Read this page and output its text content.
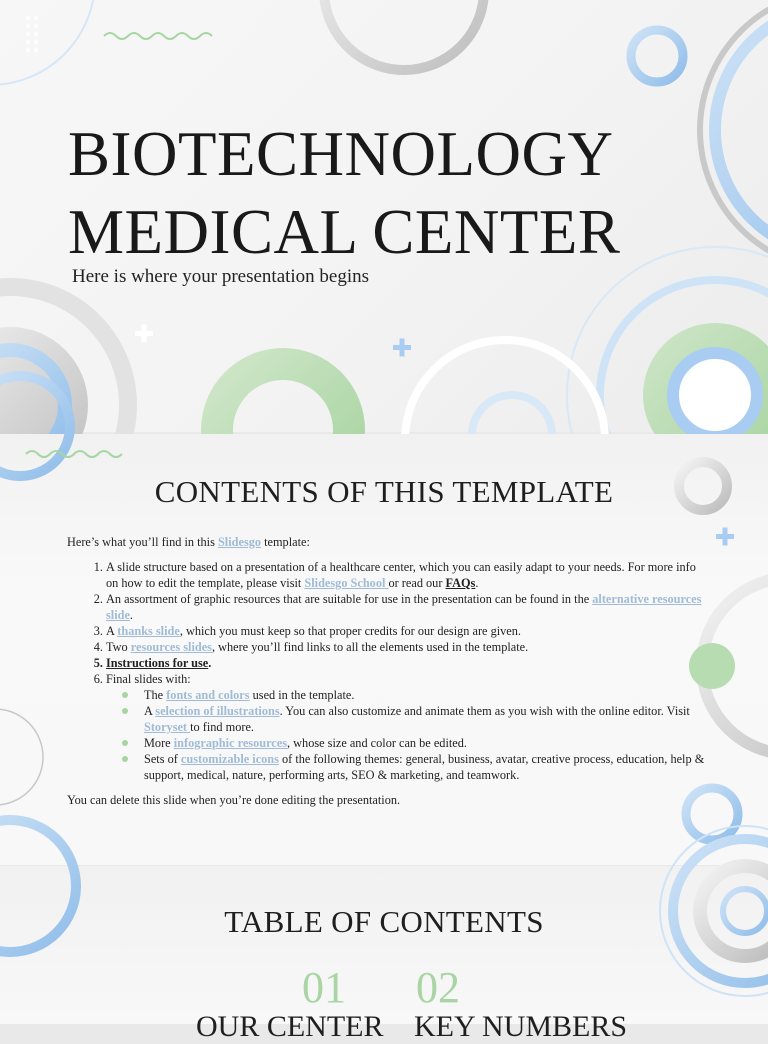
BIOTECHNOLOGY MEDICAL CENTER
Here is where your presentation begins
CONTENTS OF THIS TEMPLATE

Here’s what you’ll find in this Slidesgo template:

1. A slide structure based on a presentation of a healthcare center, which you can easily adapt to your needs. For more info on how to edit the template, please visit Slidesgo School or read our FAQs.
2. An assortment of graphic resources that are suitable for use in the presentation can be found in the alternative resources slide.
3. A thanks slide, which you must keep so that proper credits for our design are given.
4. Two resources slides, where you’ll find links to all the elements used in the template.
5. Instructions for use.
6. Final slides with:
The fonts and colors used in the template.
A selection of illustrations. You can also customize and animate them as you wish with the online editor. Visit Storyset to find more.
More infographic resources, whose size and color can be edited.
Sets of customizable icons of the following themes: general, business, avatar, creative process, education, help & support, medical, nature, performing arts, SEO & marketing, and teamwork.

You can delete this slide when you’re done editing the presentation.

TABLE OF CONTENTS
01 02
OUR CENTER KEY NUMBERS
